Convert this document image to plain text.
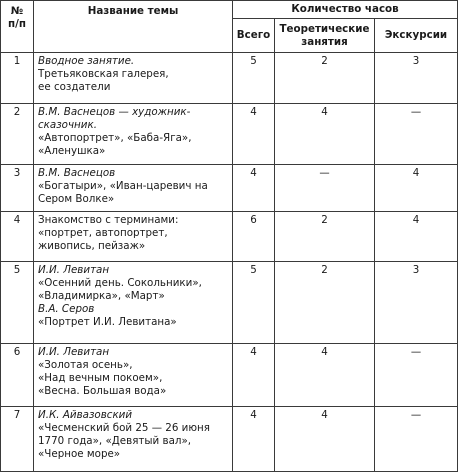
№
п/п	Название темы	Количество часов		
		Всего	Теоретические
занятия	Экскурсии
1	Вводное занятие.
Третьяковская галерея,
ее создатели	5	2	3
2	В.М. Васнецов — художник-
сказочник.
«Автопортрет», «Баба-Яга»,
«Аленушка»	4	4	—
3	В.М. Васнецов
«Богатыри», «Иван-царевич на
Сером Волке»	4	—	4
4	Знакомство с терминами:
«портрет, автопортрет,
живопись, пейзаж»	6	2	4
5	И.И. Левитан
«Осенний день. Сокольники»,
«Владимирка», «Март»
В.А. Серов
«Портрет И.И. Левитана»	5	2	3
6	И.И. Левитан
«Золотая осень»,
«Над вечным покоем»,
«Весна. Большая вода»	4	4	—
7	И.К. Айвазовский
«Чесменский бой 25 — 26 июня
1770 года», «Девятый вал»,
«Черное море»	4	4	—
